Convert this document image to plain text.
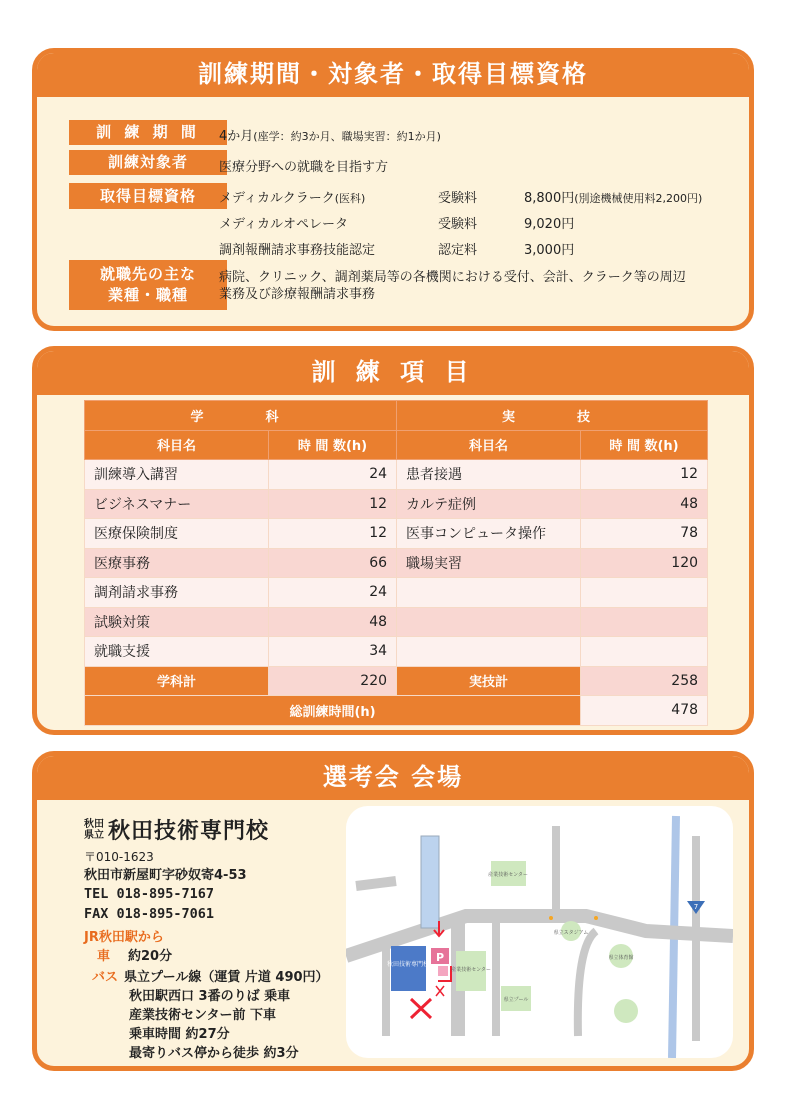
訓練期間・対象者・取得目標資格
訓 練 期 間	4か月(座学：約3か月、職場実習：約1か月)
訓練対象者	医療分野への就職を目指す方
取得目標資格	メディカルクラーク(医科)	受験料	8,800円(別途機械使用料2,200円)
メディカルオペレータ	受験料	9,020円
調剤報酬請求事務技能認定	認定料	3,000円
就職先の主な
業種・職種
病院、クリニック、調剤薬局等の各機関における受付、会計、クラーク等の周辺
業務及び診療報酬請求事務
訓 練 項 目
学　　科		実　　技	
科目名	時 間 数(h)	科目名	時 間 数(h)
訓練導入講習	24	患者接遇	12
ビジネスマナー	12	カルテ症例	48
医療保険制度	12	医事コンピュータ操作	78
医療事務	66	職場実習	120
調剤請求事務	24		
試験対策	48		
就職支援	34		
学科計	220	実技計	258
総訓練時間(h)			478
選考会 会場
秋田
県立 秋田技術専門校
〒010-1623
秋田市新屋町字砂奴寄4-53
TEL 018-895-7167
FAX 018-895-7061
JR秋田駅から
車 約20分
バス 県立プール線（運賃 片道 490円）
秋田駅西口 3番のりば 乗車
産業技術センター前 下車
乗車時間 約27分
最寄りバス停から徒歩 約3分
秋田技術専門校
P
7
産業技術センター
産業技術センター
県立プール
県立スタジアム
県立体育館
